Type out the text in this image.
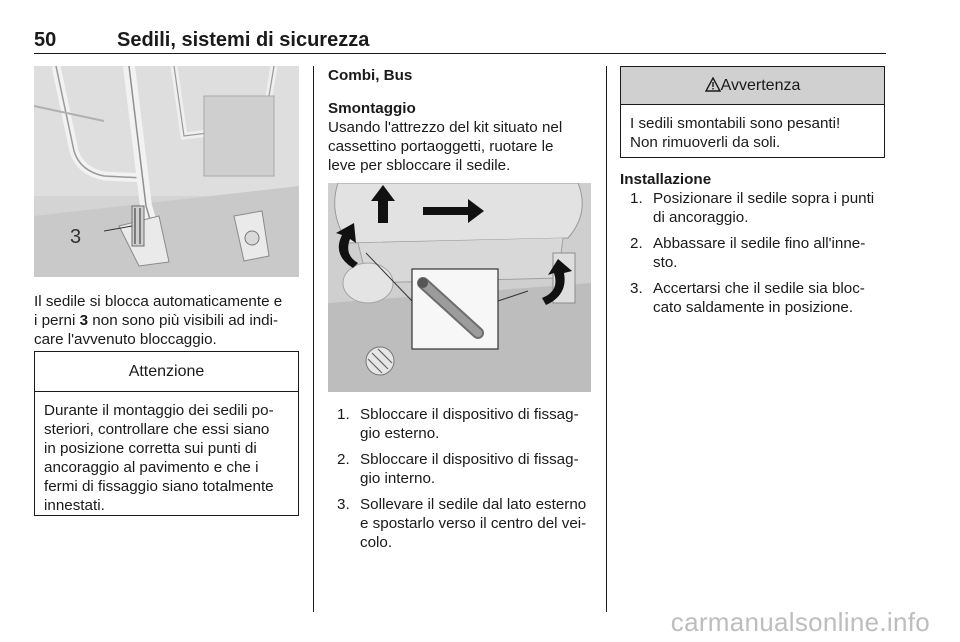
50	Sedili, sistemi di sicurezza
3
Il sedile si blocca automaticamente e
i perni 3 non sono più visibili ad indi-
care l'avvenuto bloccaggio.
Attenzione
Durante il montaggio dei sedili po-
steriori, controllare che essi siano
in posizione corretta sui punti di
ancoraggio al pavimento e che i
fermi di fissaggio siano totalmente
innestati.
Combi, Bus
Smontaggio
Usando l'attrezzo del kit situato nel
cassettino portaoggetti, ruotare le
leve per sbloccare il sedile.
1. Sbloccare il dispositivo di fissag-
gio esterno.
2. Sbloccare il dispositivo di fissag-
gio interno.
3. Sollevare il sedile dal lato esterno
e spostarlo verso il centro del vei-
colo.
Avvertenza
I sedili smontabili sono pesanti!
Non rimuoverli da soli.
Installazione
1. Posizionare il sedile sopra i punti
di ancoraggio.
2. Abbassare il sedile fino all'inne-
sto.
3. Accertarsi che il sedile sia bloc-
cato saldamente in posizione.
carmanualsonline.info
